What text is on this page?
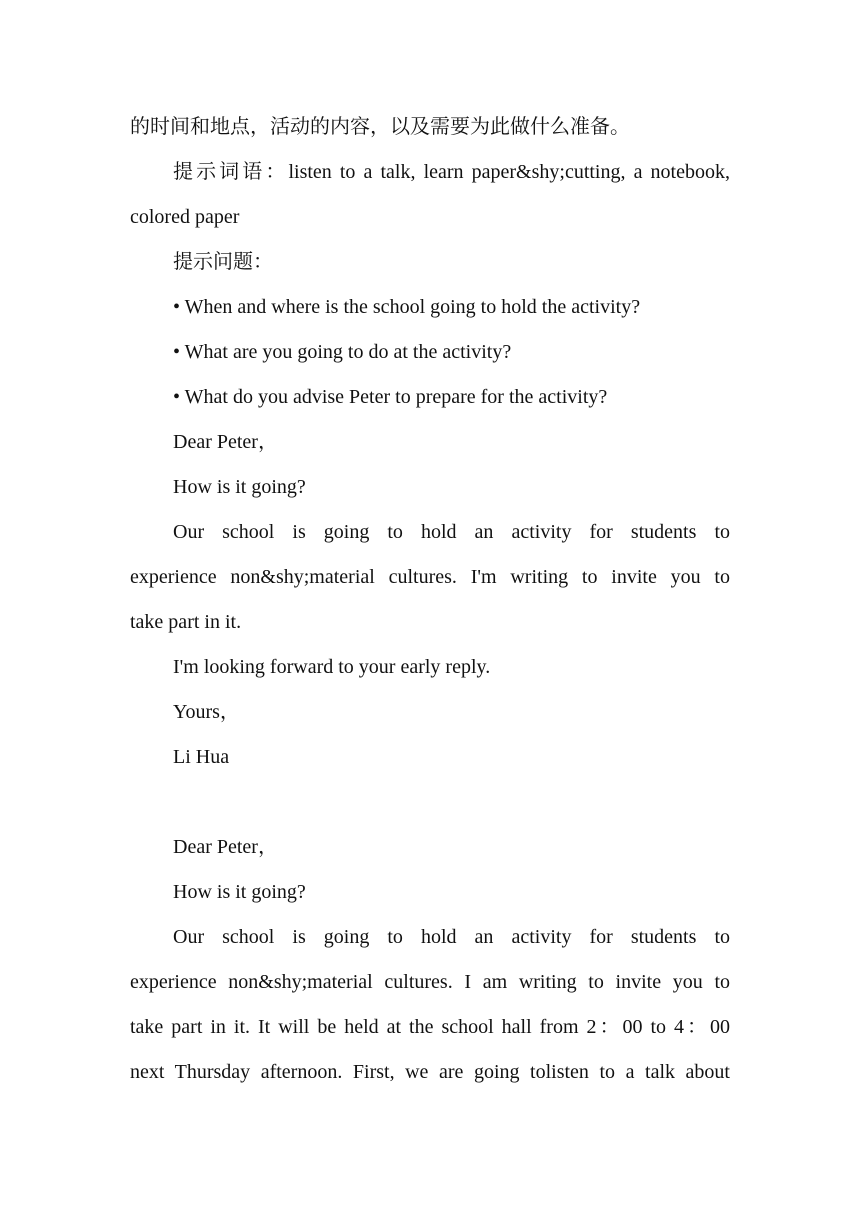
的时间和地点，活动的内容，以及需要为此做什么准备。
提示词语：listen to a talk, learn paper&shy;cutting, a notebook,
colored paper
提示问题：
• When and where is the school going to hold the activity?
• What are you going to do at the activity?
• What do you advise Peter to prepare for the activity?
Dear Peter，
How is it going?
Our school is going to hold an activity for students to
experience non&shy;material cultures. I'm writing to invite you to
take part in it.
I'm looking forward to your early reply.
Yours，
Li Hua
Dear Peter，
How is it going?
Our school is going to hold an activity for students to
experience non&shy;material cultures. I am writing to invite you to
take part in it. It will be held at the school hall from 2：00 to 4：00
next Thursday afternoon. First, we are going tolisten to a talk about
